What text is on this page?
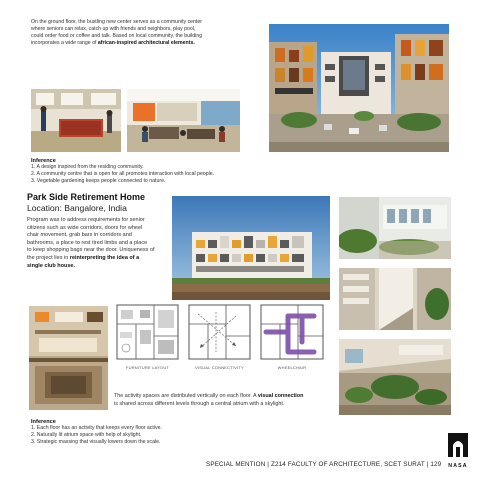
On the ground floor, the bustling new center serves as a community center
where seniors can relax, catch up with friends and neighbors, play pool,
could order food or coffee and talk. Based on local community, the building
incorporates a wide range of african-inspired architectural elements.
Inference
1. A design inspired from the residing community.
2. A community centre that is open for all promotes interaction with local people.
3. Vegetable gardening keeps people connected to nature.
Park Side Retirement Home
Location: Bangalore, India
Program was to address requirements for senior
citizens such as wide corridors, doors for wheel
chair movement, grab bars in corridors and
bathrooms, a place to rest tired limbs and a place
to keep shopping bags near the door. Uniqueness of
the project lies in reinterpreting the idea of a
single club house.
FURNITURE LAYOUT	VISUAL CONNECTIVITY	WHEELCHAIR
The activity spaces are distributed vertically on each floor. A visual connection
is shared across different levels through a central atrium with a skylight.
Inference
1. Each floor has an activity that keeps every floor active.
2. Naturally lit atrium space with help of skylight.
3. Strategic massing that visually lowers down the scale.
SPECIAL MENTION | Z214 FACULTY OF ARCHITECTURE, SCET SURAT | 129 NASA
